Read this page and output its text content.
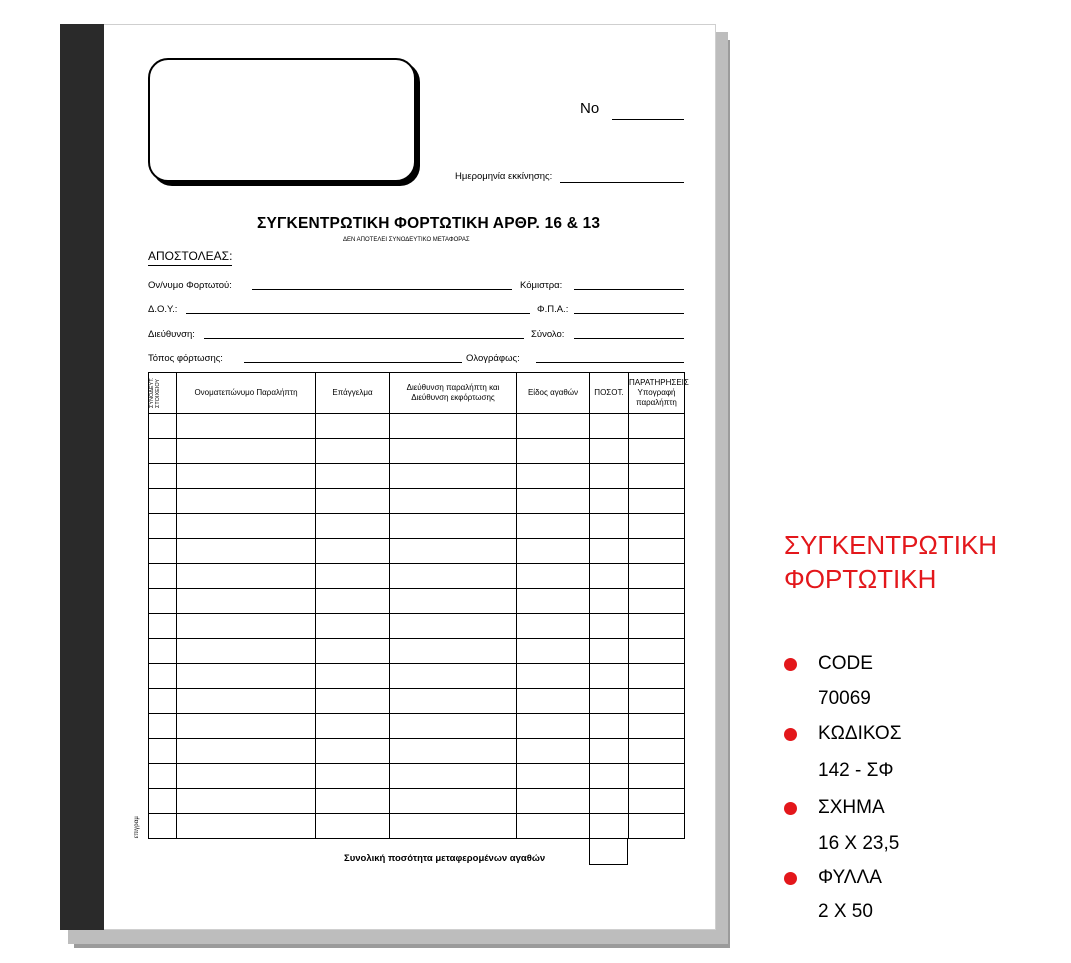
No
Ημερομηνία εκκίνησης:
ΣΥΓΚΕΝΤΡΩΤΙΚΗ ΦΟΡΤΩΤΙΚΗ ΑΡΘΡ. 16 & 13
ΔΕΝ ΑΠΟΤΕΛΕΙ ΣΥΝΟΔΕΥΤΙΚΟ ΜΕΤΑΦΟΡΑΣ
ΑΠΟΣΤΟΛΕΑΣ:
Ον/νυμο Φορτωτού:	Κόμιστρα:
Δ.Ο.Υ.:	Φ.Π.Α.:
Διεύθυνση:	Σύνολο:
Τόπος φόρτωσης:	Ολογράφως:
ΣΥΝΟΔΕΥΤ. ΣΤΟΙΧΕΙΟΥ	Ονοματεπώνυμο Παραλήπτη	Επάγγελμα	Διεύθυνση παραλήπτη και Διεύθυνση εκφόρτωσης	Είδος αγαθών	ΠΟΣΟΤ.	ΠΑΡΑΤΗΡΗΣΕΙΣ
Υπογραφή παραλήπτη

Συνολική ποσότητα μεταφερομένων αγαθών
επιγραμ
ΣΥΓΚΕΝΤΡΩΤΙΚΗ
ΦΟΡΤΩΤΙΚΗ
CODE
70069
ΚΩΔΙΚΟΣ
142 - ΣΦ
ΣΧΗΜΑ
16 Χ 23,5
ΦΥΛΛΑ
2 Χ 50
